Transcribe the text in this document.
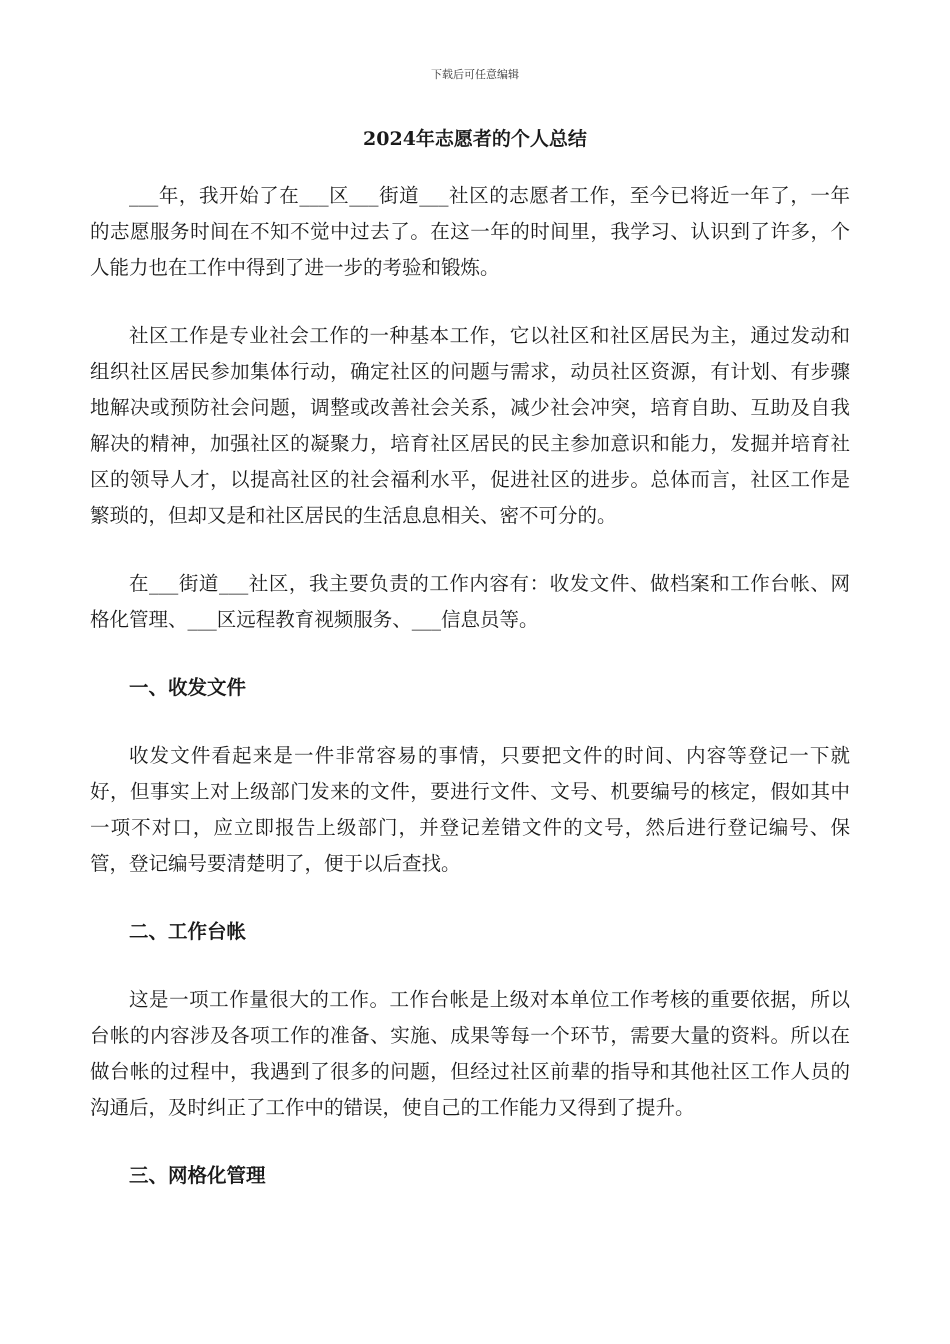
下载后可任意编辑
2024年志愿者的个人总结

___年，我开始了在___区___街道___社区的志愿者工作，至今已将近一年了，一年的志愿服务时间在不知不觉中过去了。在这一年的时间里，我学习、认识到了许多，个人能力也在工作中得到了进一步的考验和锻炼。

社区工作是专业社会工作的一种基本工作，它以社区和社区居民为主，通过发动和组织社区居民参加集体行动，确定社区的问题与需求，动员社区资源，有计划、有步骤地解决或预防社会问题，调整或改善社会关系，减少社会冲突，培育自助、互助及自我解决的精神，加强社区的凝聚力，培育社区居民的民主参加意识和能力，发掘并培育社区的领导人才，以提高社区的社会福利水平，促进社区的进步。总体而言，社区工作是繁琐的，但却又是和社区居民的生活息息相关、密不可分的。

在___街道___社区，我主要负责的工作内容有：收发文件、做档案和工作台帐、网格化管理、___区远程教育视频服务、___信息员等。

一、收发文件

收发文件看起来是一件非常容易的事情，只要把文件的时间、内容等登记一下就好，但事实上对上级部门发来的文件，要进行文件、文号、机要编号的核定，假如其中一项不对口，应立即报告上级部门，并登记差错文件的文号，然后进行登记编号、保管，登记编号要清楚明了，便于以后查找。

二、工作台帐

这是一项工作量很大的工作。工作台帐是上级对本单位工作考核的重要依据，所以台帐的内容涉及各项工作的准备、实施、成果等每一个环节，需要大量的资料。所以在做台帐的过程中，我遇到了很多的问题，但经过社区前辈的指导和其他社区工作人员的沟通后，及时纠正了工作中的错误，使自己的工作能力又得到了提升。

三、网格化管理
